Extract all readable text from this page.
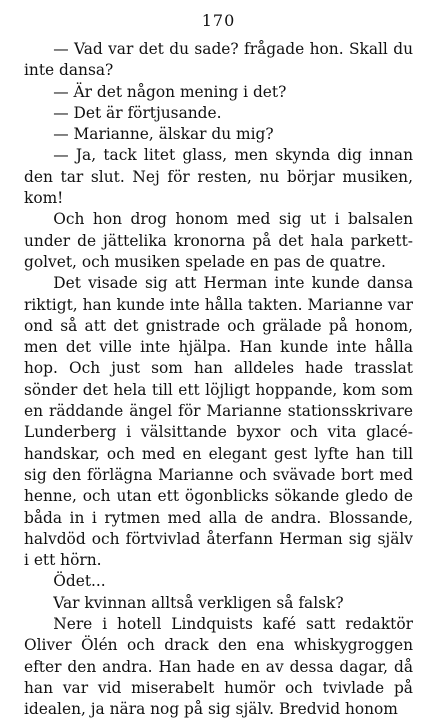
170

— Vad var det du sade? frågade hon. Skall du inte dansa?

— Är det någon mening i det?

— Det är förtjusande.

— Marianne, älskar du mig?

— Ja, tack litet glass, men skynda dig innan den tar slut. Nej för resten, nu börjar musiken, kom!

Och hon drog honom med sig ut i balsalen under de jättelika kronorna på det hala parkettgolvet, och musiken spelade en pas de quatre.

Det visade sig att Herman inte kunde dansa riktigt, han kunde inte hålla takten. Marianne var ond så att det gnistrade och grälade på honom, men det ville inte hjälpa. Han kunde inte hålla hop. Och just som han alldeles hade trasslat sönder det hela till ett löjligt hoppande, kom som en räddande ängel för Marianne stationsskrivare Lunderberg i välsittande byxor och vita glacéhandskar, och med en elegant gest lyfte han till sig den förlägna Marianne och svävade bort med henne, och utan ett ögonblicks sökande gledo de båda in i rytmen med alla de andra. Blossande, halvdöd och förtvivlad återfann Herman sig själv i ett hörn.

Ödet...

Var kvinnan alltså verkligen så falsk?

Nere i hotell Lindquists kafé satt redaktör Oliver Ölén och drack den ena whiskygroggen efter den andra. Han hade en av dessa dagar, då han var vid miserabelt humör och tvivlade på idealen, ja nära nog på sig själv. Bredvid honom
